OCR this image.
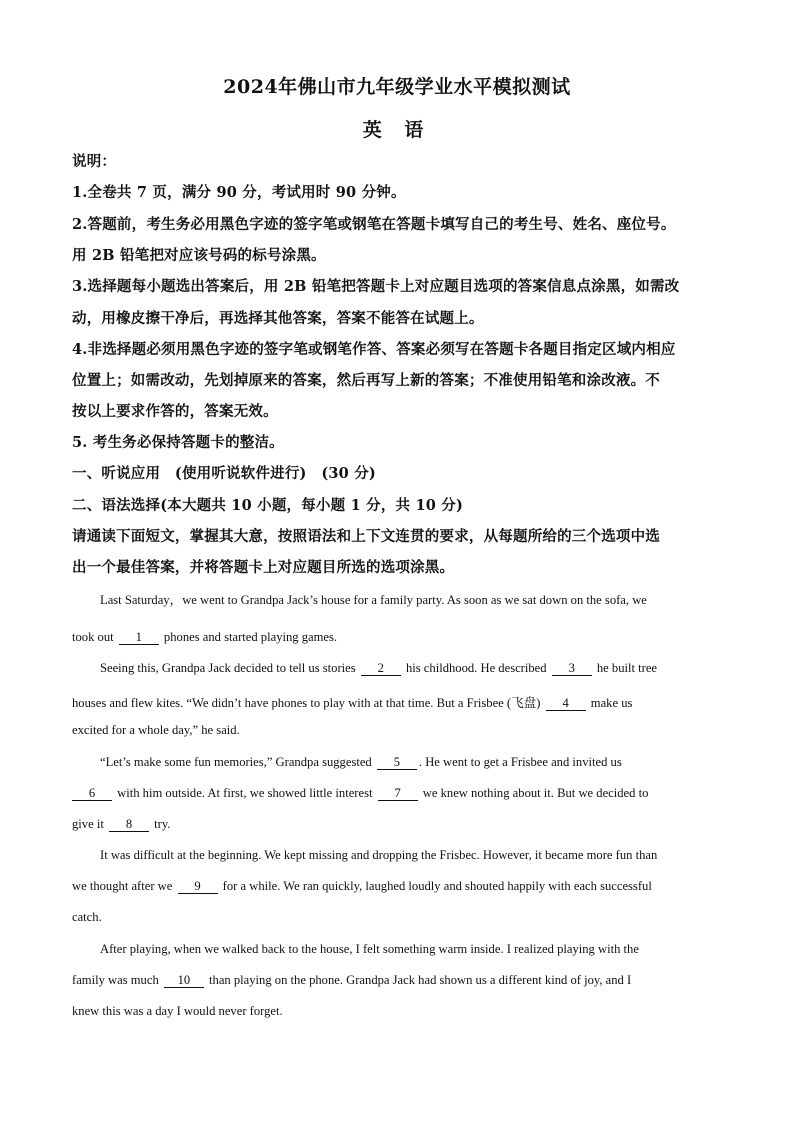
2024年佛山市九年级学业水平模拟测试
英 语
说明：
1.全卷共 7 页，满分 90 分，考试用时 90 分钟。
2.答题前，考生务必用黑色字迹的签字笔或钢笔在答题卡填写自己的考生号、姓名、座位号。
用 2B 铅笔把对应该号码的标号涂黑。
3.选择题每小题选出答案后，用 2B 铅笔把答题卡上对应题目选项的答案信息点涂黑，如需改
动，用橡皮擦干净后，再选择其他答案，答案不能答在试题上。
4.非选择题必须用黑色字迹的签字笔或钢笔作答、答案必须写在答题卡各题目指定区域内相应
位置上；如需改动，先划掉原来的答案，然后再写上新的答案；不准使用铅笔和涂改液。不
按以上要求作答的，答案无效。
5. 考生务必保持答题卡的整洁。
一、听说应用　(使用听说软件进行)　(30 分)
二、语法选择(本大题共 10 小题，每小题 1 分，共 10 分)
请通读下面短文，掌握其大意，按照语法和上下文连贯的要求，从每题所给的三个选项中选
出一个最佳答案，并将答题卡上对应题目所选的选项涂黑。
Last Saturday，we went to Grandpa Jack’s house for a family party. As soon as we sat down on the sofa, we
took out 1 phones and started playing games.
Seeing this, Grandpa Jack decided to tell us stories 2 his childhood. He described 3 he built tree
houses and flew kites. “We didn’t have phones to play with at that time. But a Frisbee (飞盘) 4 make us
excited for a whole day,” he said.
“Let’s make some fun memories,” Grandpa suggested 5 . He went to get a Frisbee and invited us
6 with him outside. At first, we showed little interest 7 we knew nothing about it. But we decided to
give it 8 try.
It was difficult at the beginning. We kept missing and dropping the Frisbec. However, it became more fun than
we thought after we 9 for a while. We ran quickly, laughed loudly and shouted happily with each successful
catch.
After playing, when we walked back to the house, I felt something warm inside. I realized playing with the
family was much 10 than playing on the phone. Grandpa Jack had shown us a different kind of joy, and I
knew this was a day I would never forget.
